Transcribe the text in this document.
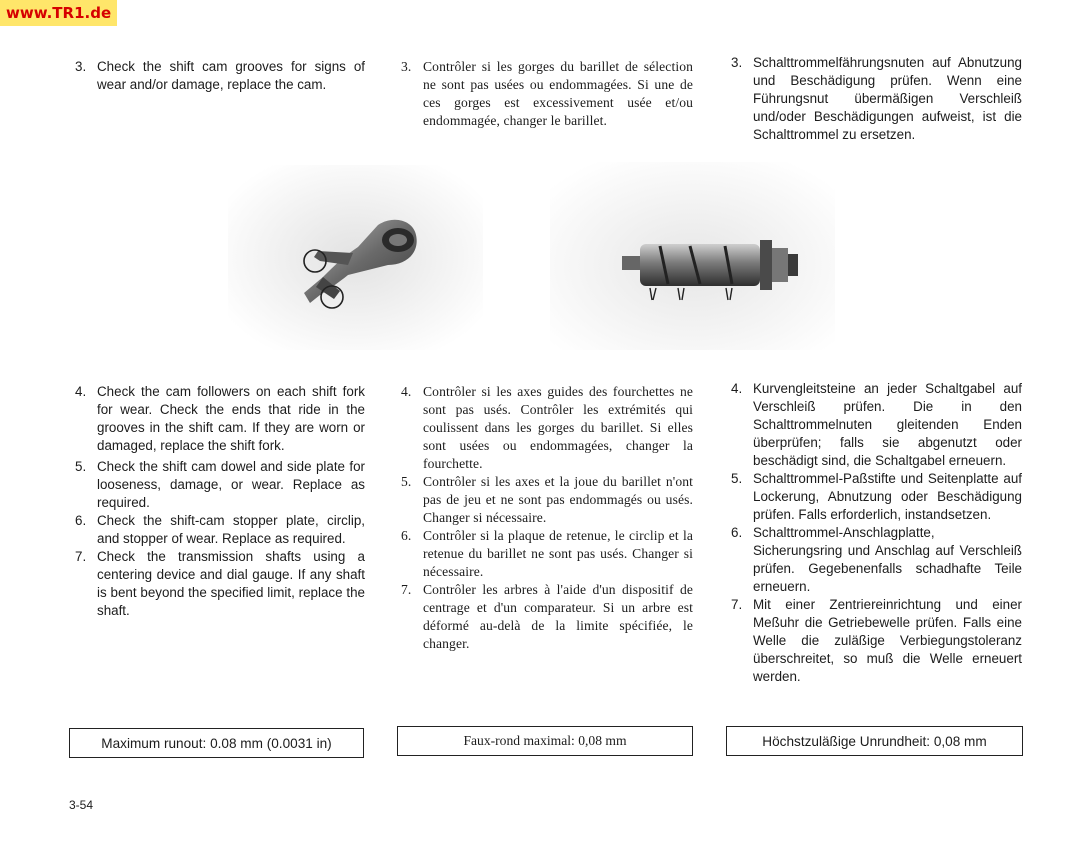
www.TR1.de

3. Check the shift cam grooves for signs of wear and/or damage, replace the cam.

3. Contrôler si les gorges du barillet de sélection ne sont pas usées ou endommagées. Si une de ces gorges est excessivement usée et/ou endommagée, changer le barillet.

3. Schalttrommelfährungsnuten auf Abnutzung und Beschädigung prüfen. Wenn eine Führungsnut übermäßigen Verschleiß und/oder Beschädigungen aufweist, ist die Schalttrommel zu ersetzen.

4. Check the cam followers on each shift fork for wear. Check the ends that ride in the grooves in the shift cam. If they are worn or damaged, replace the shift fork.

5. Check the shift cam dowel and side plate for looseness, damage, or wear. Replace as required.

6. Check the shift-cam stopper plate, circlip, and stopper of wear. Replace as required.

7. Check the transmission shafts using a centering device and dial gauge. If any shaft is bent beyond the specified limit, replace the shaft.

4. Contrôler si les axes guides des fourchettes ne sont pas usés. Contrôler les extrémités qui coulissent dans les gorges du barillet. Si elles sont usées ou endommagées, changer la fourchette.

5. Contrôler si les axes et la joue du barillet n'ont pas de jeu et ne sont pas endommagés ou usés. Changer si nécessaire.

6. Contrôler si la plaque de retenue, le circlip et la retenue du barillet ne sont pas usés. Changer si nécessaire.

7. Contrôler les arbres à l'aide d'un dispositif de centrage et d'un comparateur. Si un arbre est déformé au-delà de la limite spécifiée, le changer.

4. Kurvengleitsteine an jeder Schaltgabel auf Verschleiß prüfen. Die in den Schalttrommelnuten gleitenden Enden überprüfen; falls sie abgenutzt oder beschädigt sind, die Schaltgabel erneuern.

5. Schalttrommel-Paßstifte und Seitenplatte auf Lockerung, Abnutzung oder Beschädigung prüfen. Falls erforderlich, instandsetzen.

6. Schalttrommel-Anschlagplatte, Sicherungsring und Anschlag auf Verschleiß prüfen. Gegebenenfalls schadhafte Teile erneuern.

7. Mit einer Zentriereinrichtung und einer Meßuhr die Getriebewelle prüfen. Falls eine Welle die zuläßige Verbiegungstoleranz überschreitet, so muß die Welle erneuert werden.

Maximum runout: 0.08 mm (0.0031 in)	Faux-rond maximal: 0,08 mm	Höchstzuläßige Unrundheit: 0,08 mm
3-54
